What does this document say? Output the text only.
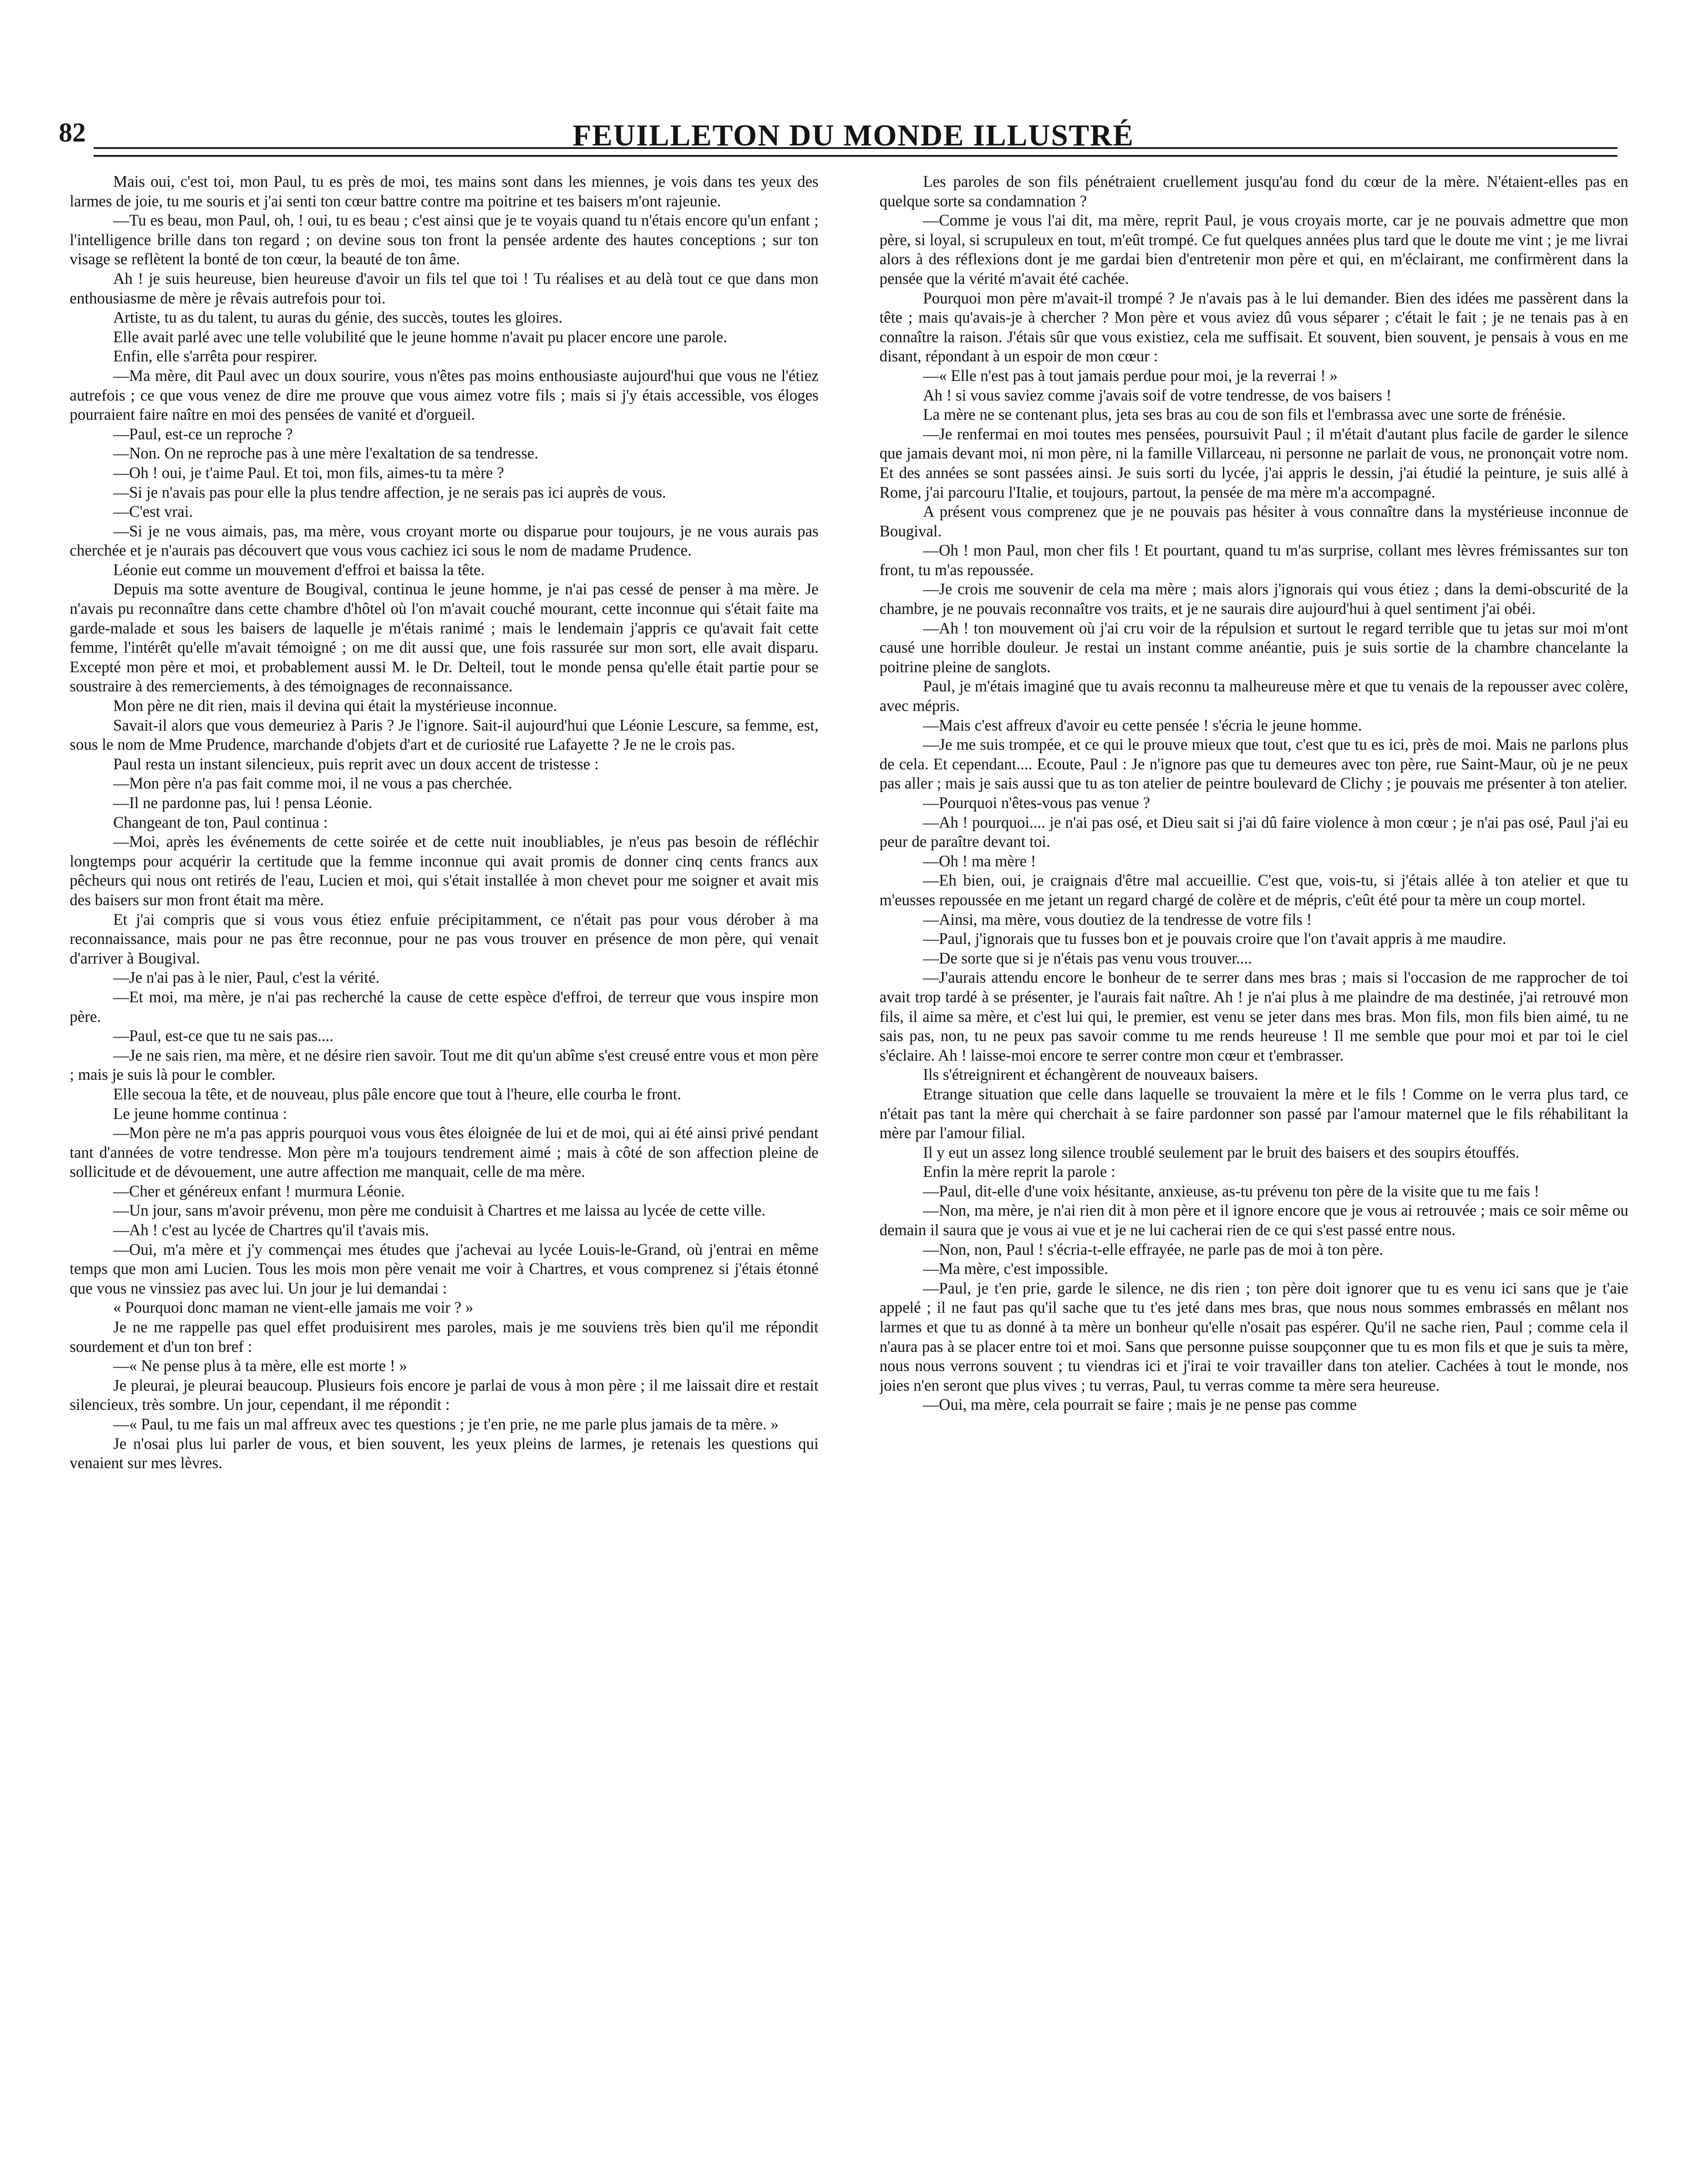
82	FEUILLETON DU MONDE ILLUSTRÉ

Mais oui, c'est toi, mon Paul, tu es près de moi, tes mains sont dans les miennes, je vois dans tes yeux des larmes de joie, tu me souris et j'ai senti ton cœur battre contre ma poitrine et tes baisers m'ont rajeunie.

—Tu es beau, mon Paul, oh, ! oui, tu es beau ; c'est ainsi que je te voyais quand tu n'étais encore qu'un enfant ; l'intelligence brille dans ton regard ; on devine sous ton front la pensée ardente des hautes conceptions ; sur ton visage se reflètent la bonté de ton cœur, la beauté de ton âme.

Ah ! je suis heureuse, bien heureuse d'avoir un fils tel que toi ! Tu réalises et au delà tout ce que dans mon enthousiasme de mère je rêvais autrefois pour toi.

Artiste, tu as du talent, tu auras du génie, des succès, toutes les gloires.

Elle avait parlé avec une telle volubilité que le jeune homme n'avait pu placer encore une parole.

Enfin, elle s'arrêta pour respirer.

—Ma mère, dit Paul avec un doux sourire, vous n'êtes pas moins enthousiaste aujourd'hui que vous ne l'étiez autrefois ; ce que vous venez de dire me prouve que vous aimez votre fils ; mais si j'y étais accessible, vos éloges pourraient faire naître en moi des pensées de vanité et d'orgueil.

—Paul, est-ce un reproche ?

—Non. On ne reproche pas à une mère l'exaltation de sa tendresse.

—Oh ! oui, je t'aime Paul. Et toi, mon fils, aimes-tu ta mère ?

—Si je n'avais pas pour elle la plus tendre affection, je ne serais pas ici auprès de vous.

—C'est vrai.

—Si je ne vous aimais, pas, ma mère, vous croyant morte ou disparue pour toujours, je ne vous aurais pas cherchée et je n'aurais pas découvert que vous vous cachiez ici sous le nom de madame Prudence.

Léonie eut comme un mouvement d'effroi et baissa la tête.

Depuis ma sotte aventure de Bougival, continua le jeune homme, je n'ai pas cessé de penser à ma mère. Je n'avais pu reconnaître dans cette chambre d'hôtel où l'on m'avait couché mourant, cette inconnue qui s'était faite ma garde-malade et sous les baisers de laquelle je m'étais ranimé ; mais le lendemain j'appris ce qu'avait fait cette femme, l'intérêt qu'elle m'avait témoigné ; on me dit aussi que, une fois rassurée sur mon sort, elle avait disparu. Excepté mon père et moi, et probablement aussi M. le Dr. Delteil, tout le monde pensa qu'elle était partie pour se soustraire à des remerciements, à des témoignages de reconnaissance.

Mon père ne dit rien, mais il devina qui était la mystérieuse inconnue.

Savait-il alors que vous demeuriez à Paris ? Je l'ignore. Sait-il aujourd'hui que Léonie Lescure, sa femme, est, sous le nom de Mme Prudence, marchande d'objets d'art et de curiosité rue Lafayette ? Je ne le crois pas.

Paul resta un instant silencieux, puis reprit avec un doux accent de tristesse :

—Mon père n'a pas fait comme moi, il ne vous a pas cherchée.

—Il ne pardonne pas, lui ! pensa Léonie.

Changeant de ton, Paul continua :

—Moi, après les événements de cette soirée et de cette nuit inoubliables, je n'eus pas besoin de réfléchir longtemps pour acquérir la certitude que la femme inconnue qui avait promis de donner cinq cents francs aux pêcheurs qui nous ont retirés de l'eau, Lucien et moi, qui s'était installée à mon chevet pour me soigner et avait mis des baisers sur mon front était ma mère.

Et j'ai compris que si vous vous étiez enfuie précipitamment, ce n'était pas pour vous dérober à ma reconnaissance, mais pour ne pas être reconnue, pour ne pas vous trouver en présence de mon père, qui venait d'arriver à Bougival.

—Je n'ai pas à le nier, Paul, c'est la vérité.

—Et moi, ma mère, je n'ai pas recherché la cause de cette espèce d'effroi, de terreur que vous inspire mon père.

—Paul, est-ce que tu ne sais pas....

—Je ne sais rien, ma mère, et ne désire rien savoir. Tout me dit qu'un abîme s'est creusé entre vous et mon père ; mais je suis là pour le combler.

Elle secoua la tête, et de nouveau, plus pâle encore que tout à l'heure, elle courba le front.

Le jeune homme continua :

—Mon père ne m'a pas appris pourquoi vous vous êtes éloignée de lui et de moi, qui ai été ainsi privé pendant tant d'années de votre tendresse. Mon père m'a toujours tendrement aimé ; mais à côté de son affection pleine de sollicitude et de dévouement, une autre affection me manquait, celle de ma mère.

—Cher et généreux enfant ! murmura Léonie.

—Un jour, sans m'avoir prévenu, mon père me conduisit à Chartres et me laissa au lycée de cette ville.

—Ah ! c'est au lycée de Chartres qu'il t'avais mis.

—Oui, m'a mère et j'y commençai mes études que j'achevai au lycée Louis-le-Grand, où j'entrai en même temps que mon ami Lucien. Tous les mois mon père venait me voir à Chartres, et vous comprenez si j'étais étonné que vous ne vinssiez pas avec lui. Un jour je lui demandai :

« Pourquoi donc maman ne vient-elle jamais me voir ? »

Je ne me rappelle pas quel effet produisirent mes paroles, mais je me souviens très bien qu'il me répondit sourdement et d'un ton bref :

—« Ne pense plus à ta mère, elle est morte ! »

Je pleurai, je pleurai beaucoup. Plusieurs fois encore je parlai de vous à mon père ; il me laissait dire et restait silencieux, très sombre. Un jour, cependant, il me répondit :

—« Paul, tu me fais un mal affreux avec tes questions ; je t'en prie, ne me parle plus jamais de ta mère. »

Je n'osai plus lui parler de vous, et bien souvent, les yeux pleins de larmes, je retenais les questions qui venaient sur mes lèvres.

Les paroles de son fils pénétraient cruellement jusqu'au fond du cœur de la mère. N'étaient-elles pas en quelque sorte sa condamnation ?

—Comme je vous l'ai dit, ma mère, reprit Paul, je vous croyais morte, car je ne pouvais admettre que mon père, si loyal, si scrupuleux en tout, m'eût trompé. Ce fut quelques années plus tard que le doute me vint ; je me livrai alors à des réflexions dont je me gardai bien d'entretenir mon père et qui, en m'éclairant, me confirmèrent dans la pensée que la vérité m'avait été cachée.

Pourquoi mon père m'avait-il trompé ? Je n'avais pas à le lui demander. Bien des idées me passèrent dans la tête ; mais qu'avais-je à chercher ? Mon père et vous aviez dû vous séparer ; c'était le fait ; je ne tenais pas à en connaître la raison. J'étais sûr que vous existiez, cela me suffisait. Et souvent, bien souvent, je pensais à vous en me disant, répondant à un espoir de mon cœur :

—« Elle n'est pas à tout jamais perdue pour moi, je la reverrai ! »

Ah ! si vous saviez comme j'avais soif de votre tendresse, de vos baisers !

La mère ne se contenant plus, jeta ses bras au cou de son fils et l'embrassa avec une sorte de frénésie.

—Je renfermai en moi toutes mes pensées, poursuivit Paul ; il m'était d'autant plus facile de garder le silence que jamais devant moi, ni mon père, ni la famille Villarceau, ni personne ne parlait de vous, ne prononçait votre nom. Et des années se sont passées ainsi. Je suis sorti du lycée, j'ai appris le dessin, j'ai étudié la peinture, je suis allé à Rome, j'ai parcouru l'Italie, et toujours, partout, la pensée de ma mère m'a accompagné.

A présent vous comprenez que je ne pouvais pas hésiter à vous connaître dans la mystérieuse inconnue de Bougival.

—Oh ! mon Paul, mon cher fils ! Et pourtant, quand tu m'as surprise, collant mes lèvres frémissantes sur ton front, tu m'as repoussée.

—Je crois me souvenir de cela ma mère ; mais alors j'ignorais qui vous étiez ; dans la demi-obscurité de la chambre, je ne pouvais reconnaître vos traits, et je ne saurais dire aujourd'hui à quel sentiment j'ai obéi.

—Ah ! ton mouvement où j'ai cru voir de la répulsion et surtout le regard terrible que tu jetas sur moi m'ont causé une horrible douleur. Je restai un instant comme anéantie, puis je suis sortie de la chambre chancelante la poitrine pleine de sanglots.

Paul, je m'étais imaginé que tu avais reconnu ta malheureuse mère et que tu venais de la repousser avec colère, avec mépris.

—Mais c'est affreux d'avoir eu cette pensée ! s'écria le jeune homme.

—Je me suis trompée, et ce qui le prouve mieux que tout, c'est que tu es ici, près de moi. Mais ne parlons plus de cela. Et cependant.... Ecoute, Paul : Je n'ignore pas que tu demeures avec ton père, rue Saint-Maur, où je ne peux pas aller ; mais je sais aussi que tu as ton atelier de peintre boulevard de Clichy ; je pouvais me présenter à ton atelier.

—Pourquoi n'êtes-vous pas venue ?

—Ah ! pourquoi.... je n'ai pas osé, et Dieu sait si j'ai dû faire violence à mon cœur ; je n'ai pas osé, Paul j'ai eu peur de paraître devant toi.

—Oh ! ma mère !

—Eh bien, oui, je craignais d'être mal accueillie. C'est que, vois-tu, si j'étais allée à ton atelier et que tu m'eusses repoussée en me jetant un regard chargé de colère et de mépris, c'eût été pour ta mère un coup mortel.

—Ainsi, ma mère, vous doutiez de la tendresse de votre fils !

—Paul, j'ignorais que tu fusses bon et je pouvais croire que l'on t'avait appris à me maudire.

—De sorte que si je n'étais pas venu vous trouver....

—J'aurais attendu encore le bonheur de te serrer dans mes bras ; mais si l'occasion de me rapprocher de toi avait trop tardé à se présenter, je l'aurais fait naître. Ah ! je n'ai plus à me plaindre de ma destinée, j'ai retrouvé mon fils, il aime sa mère, et c'est lui qui, le premier, est venu se jeter dans mes bras. Mon fils, mon fils bien aimé, tu ne sais pas, non, tu ne peux pas savoir comme tu me rends heureuse ! Il me semble que pour moi et par toi le ciel s'éclaire. Ah ! laisse-moi encore te serrer contre mon cœur et t'embrasser.

Ils s'étreignirent et échangèrent de nouveaux baisers.

Etrange situation que celle dans laquelle se trouvaient la mère et le fils ! Comme on le verra plus tard, ce n'était pas tant la mère qui cherchait à se faire pardonner son passé par l'amour maternel que le fils réhabilitant la mère par l'amour filial.

Il y eut un assez long silence troublé seulement par le bruit des baisers et des soupirs étouffés.

Enfin la mère reprit la parole :

—Paul, dit-elle d'une voix hésitante, anxieuse, as-tu prévenu ton père de la visite que tu me fais !

—Non, ma mère, je n'ai rien dit à mon père et il ignore encore que je vous ai retrouvée ; mais ce soir même ou demain il saura que je vous ai vue et je ne lui cacherai rien de ce qui s'est passé entre nous.

—Non, non, Paul ! s'écria-t-elle effrayée, ne parle pas de moi à ton père.

—Ma mère, c'est impossible.

—Paul, je t'en prie, garde le silence, ne dis rien ; ton père doit ignorer que tu es venu ici sans que je t'aie appelé ; il ne faut pas qu'il sache que tu t'es jeté dans mes bras, que nous nous sommes embrassés en mêlant nos larmes et que tu as donné à ta mère un bonheur qu'elle n'osait pas espérer. Qu'il ne sache rien, Paul ; comme cela il n'aura pas à se placer entre toi et moi. Sans que personne puisse soupçonner que tu es mon fils et que je suis ta mère, nous nous verrons souvent ; tu viendras ici et j'irai te voir travailler dans ton atelier. Cachées à tout le monde, nos joies n'en seront que plus vives ; tu verras, Paul, tu verras comme ta mère sera heureuse.

—Oui, ma mère, cela pourrait se faire ; mais je ne pense pas comme
